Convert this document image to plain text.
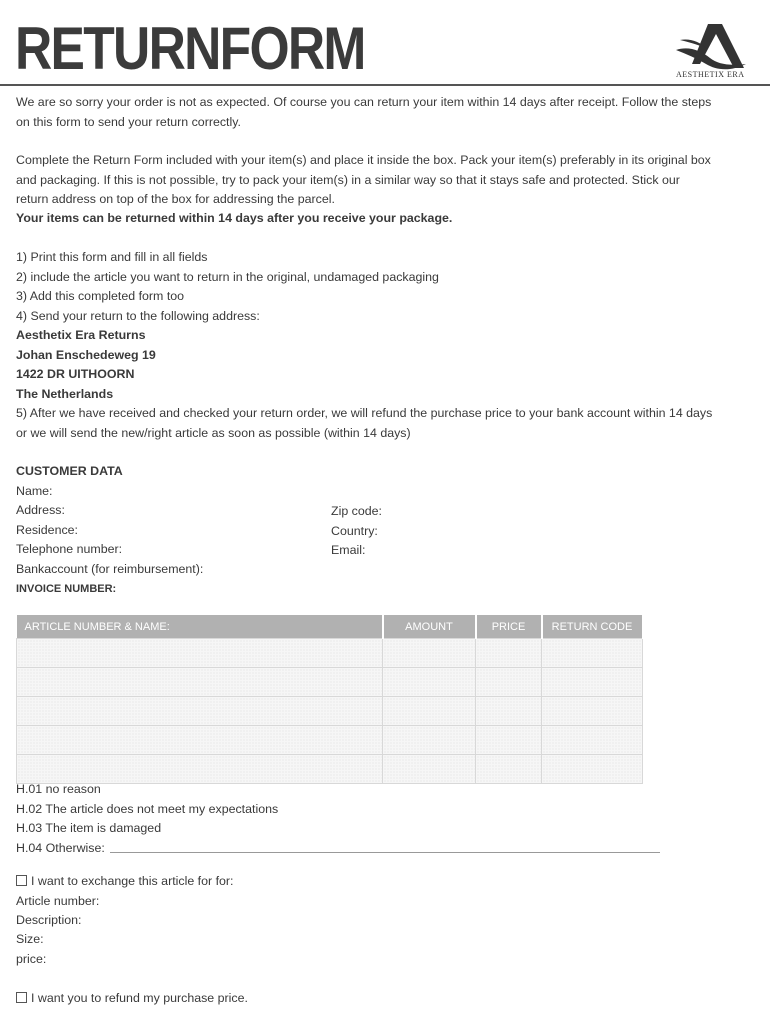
RETURNFORM	AESTHETIX ERA
We are so sorry your order is not as expected. Of course you can return your item within 14 days after receipt. Follow the steps
on this form to send your return correctly.
Complete the Return Form included with your item(s) and place it inside the box. Pack your item(s) preferably in its original box
and packaging. If this is not possible, try to pack your item(s) in a similar way so that it stays safe and protected. Stick our
return address on top of the box for addressing the parcel.
Your items can be returned within 14 days after you receive your package.
1) Print this form and fill in all fields
2) include the article you want to return in the original, undamaged packaging
3) Add this completed form too
4) Send your return to the following address:
Aesthetix Era Returns
Johan Enschedeweg 19
1422 DR UITHOORN
The Netherlands
5) After we have received and checked your return order, we will refund the purchase price to your bank account within 14 days
or we will send the new/right article as soon as possible (within 14 days)
CUSTOMER DATA
Name:
Address:	Zip code:
Residence:	Country:
Telephone number:	Email:
Bankaccount (for reimbursement):
INVOICE NUMBER:
ARTICLE NUMBER & NAME:	AMOUNT	PRICE	RETURN CODE

H.01 no reason
H.02 The article does not meet my expectations
H.03 The item is damaged
H.04 Otherwise:
I want to exchange this article for for:
Article number:
Description:
Size:
price:
I want you to refund my purchase price.
